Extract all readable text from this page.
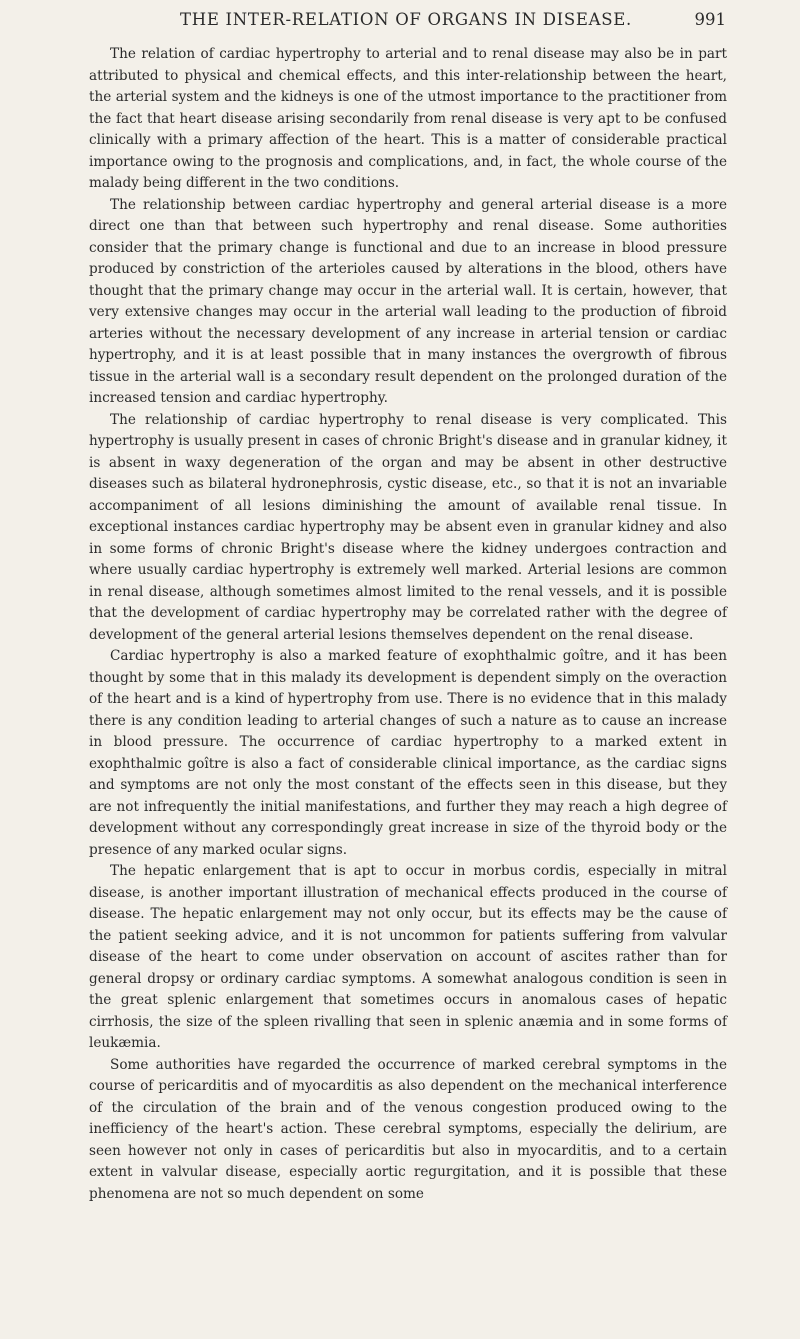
THE INTER-RELATION OF ORGANS IN DISEASE.	991

The relation of cardiac hypertrophy to arterial and to renal disease may also be in part attributed to physical and chemical effects, and this inter-relationship between the heart, the arterial system and the kidneys is one of the utmost importance to the practitioner from the fact that heart disease arising secondarily from renal disease is very apt to be confused clinically with a primary affection of the heart. This is a matter of considerable practical importance owing to the prognosis and complications, and, in fact, the whole course of the malady being different in the two conditions.

The relationship between cardiac hypertrophy and general arterial disease is a more direct one than that between such hypertrophy and renal disease. Some authorities consider that the primary change is functional and due to an increase in blood pressure produced by constriction of the arterioles caused by alterations in the blood, others have thought that the primary change may occur in the arterial wall. It is certain, however, that very extensive changes may occur in the arterial wall leading to the production of fibroid arteries without the necessary development of any increase in arterial tension or cardiac hypertrophy, and it is at least possible that in many instances the overgrowth of fibrous tissue in the arterial wall is a secondary result dependent on the prolonged duration of the increased tension and cardiac hypertrophy.

The relationship of cardiac hypertrophy to renal disease is very complicated. This hypertrophy is usually present in cases of chronic Bright's disease and in granular kidney, it is absent in waxy degeneration of the organ and may be absent in other destructive diseases such as bilateral hydronephrosis, cystic disease, etc., so that it is not an invariable accompaniment of all lesions diminishing the amount of available renal tissue. In exceptional instances cardiac hypertrophy may be absent even in granular kidney and also in some forms of chronic Bright's disease where the kidney undergoes contraction and where usually cardiac hypertrophy is extremely well marked. Arterial lesions are common in renal disease, although sometimes almost limited to the renal vessels, and it is possible that the development of cardiac hypertrophy may be correlated rather with the degree of development of the general arterial lesions themselves dependent on the renal disease.

Cardiac hypertrophy is also a marked feature of exophthalmic goître, and it has been thought by some that in this malady its development is dependent simply on the overaction of the heart and is a kind of hypertrophy from use. There is no evidence that in this malady there is any condition leading to arterial changes of such a nature as to cause an increase in blood pressure. The occurrence of cardiac hypertrophy to a marked extent in exophthalmic goître is also a fact of considerable clinical importance, as the cardiac signs and symptoms are not only the most constant of the effects seen in this disease, but they are not infrequently the initial manifestations, and further they may reach a high degree of development without any correspondingly great increase in size of the thyroid body or the presence of any marked ocular signs.

The hepatic enlargement that is apt to occur in morbus cordis, especially in mitral disease, is another important illustration of mechanical effects produced in the course of disease. The hepatic enlargement may not only occur, but its effects may be the cause of the patient seeking advice, and it is not uncommon for patients suffering from valvular disease of the heart to come under observation on account of ascites rather than for general dropsy or ordinary cardiac symptoms. A somewhat analogous condition is seen in the great splenic enlargement that sometimes occurs in anomalous cases of hepatic cirrhosis, the size of the spleen rivalling that seen in splenic anæmia and in some forms of leukæmia.

Some authorities have regarded the occurrence of marked cerebral symptoms in the course of pericarditis and of myocarditis as also dependent on the mechanical interference of the circulation of the brain and of the venous congestion produced owing to the inefficiency of the heart's action. These cerebral symptoms, especially the delirium, are seen however not only in cases of pericarditis but also in myocarditis, and to a certain extent in valvular disease, especially aortic regurgitation, and it is possible that these phenomena are not so much dependent on some
